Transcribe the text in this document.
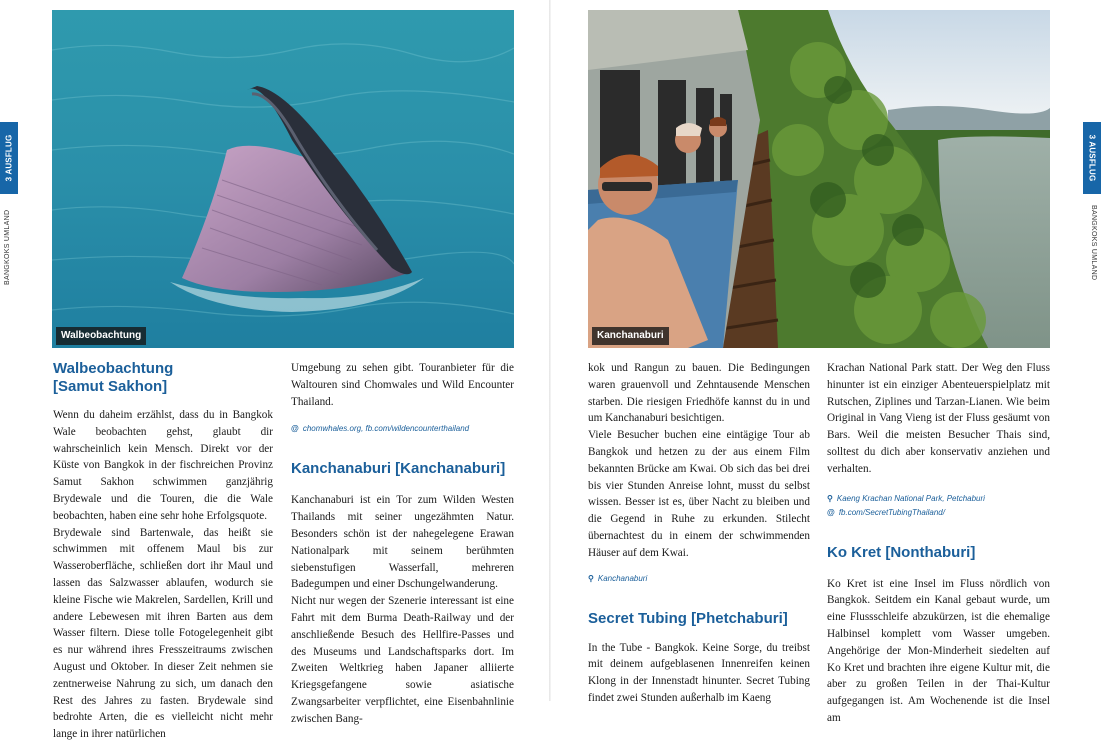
3 AUSFLUG
BANGKOKS UMLAND
Walbeobachtung
Walbeobachtung
[Samut Sakhon]

Wenn du daheim erzählst, dass du in Bangkok Wale beobachten gehst, glaubt dir wahrscheinlich kein Mensch. Direkt vor der Küste von Bangkok in der fischreichen Provinz Samut Sakhon schwimmen ganzjährig Brydewale und die Touren, die die Wale beobachten, haben eine sehr hohe Erfolgsquote.

Brydewale sind Bartenwale, das heißt sie schwimmen mit offenem Maul bis zur Wasseroberfläche, schließen dort ihr Maul und lassen das Salzwasser ablaufen, wodurch sie kleine Fische wie Makrelen, Sardellen, Krill und andere Lebewesen mit ihren Barten aus dem Wasser filtern. Diese tolle Fotogelegenheit gibt es nur während ihres Fresszeitraums zwischen August und Oktober. In dieser Zeit nehmen sie zentnerweise Nahrung zu sich, um danach den Rest des Jahres zu fasten. Brydewale sind bedrohte Arten, die es vielleicht nicht mehr lange in ihrer natürlichen

Umgebung zu sehen gibt. Touranbieter für die Waltouren sind Chomwales und Wild Encounter Thailand.

@ chomwhales.org, fb.com/wildencounterthailand
Kanchanaburi [Kanchanaburi]

Kanchanaburi ist ein Tor zum Wilden Westen Thailands mit seiner ungezähmten Natur. Besonders schön ist der nahegelegene Erawan Nationalpark mit seinem berühmten siebenstufigen Wasserfall, mehreren Badegumpen und einer Dschungelwanderung.

Nicht nur wegen der Szenerie interessant ist eine Fahrt mit dem Burma Death-Railway und der anschließende Besuch des Hellfire-Passes und des Museums und Landschaftsparks dort. Im Zweiten Weltkrieg haben Japaner alliierte Kriegsgefangene sowie asiatische Zwangsarbeiter verpflichtet, eine Eisenbahnlinie zwischen Bang-

Kanchanaburi

kok und Rangun zu bauen. Die Bedingungen waren grauenvoll und Zehntausende Menschen starben. Die riesigen Friedhöfe kannst du in und um Kanchanaburi besichtigen.

Viele Besucher buchen eine eintägige Tour ab Bangkok und hetzen zu der aus einem Film bekannten Brücke am Kwai. Ob sich das bei drei bis vier Stunden Anreise lohnt, musst du selbst wissen. Besser ist es, über Nacht zu bleiben und die Gegend in Ruhe zu erkunden. Stilecht übernachtest du in einem der schwimmenden Häuser auf dem Kwai.

⚲ Kanchanaburi
Secret Tubing [Phetchaburi]

In the Tube - Bangkok. Keine Sorge, du treibst mit deinem aufgeblasenen Innenreifen keinen Klong in der Innenstadt hinunter. Secret Tubing findet zwei Stunden außerhalb im Kaeng

Krachan National Park statt. Der Weg den Fluss hinunter ist ein einziger Abenteuerspielplatz mit Rutschen, Ziplines und Tarzan-Lianen. Wie beim Original in Vang Vieng ist der Fluss gesäumt von Bars. Weil die meisten Besucher Thais sind, solltest du dich aber konservativ anziehen und verhalten.

⚲ Kaeng Krachan National Park, Petchaburi
@ fb.com/SecretTubingThailand/
Ko Kret [Nonthaburi]

Ko Kret ist eine Insel im Fluss nördlich von Bangkok. Seitdem ein Kanal gebaut wurde, um eine Flussschleife abzukürzen, ist die ehemalige Halbinsel komplett vom Wasser umgeben. Angehörige der Mon-Minderheit siedelten auf Ko Kret und brachten ihre eigene Kultur mit, die aber zu großen Teilen in der Thai-Kultur aufgegangen ist. Am Wochenende ist die Insel am

3 AUSFLUG
BANGKOKS UMLAND
